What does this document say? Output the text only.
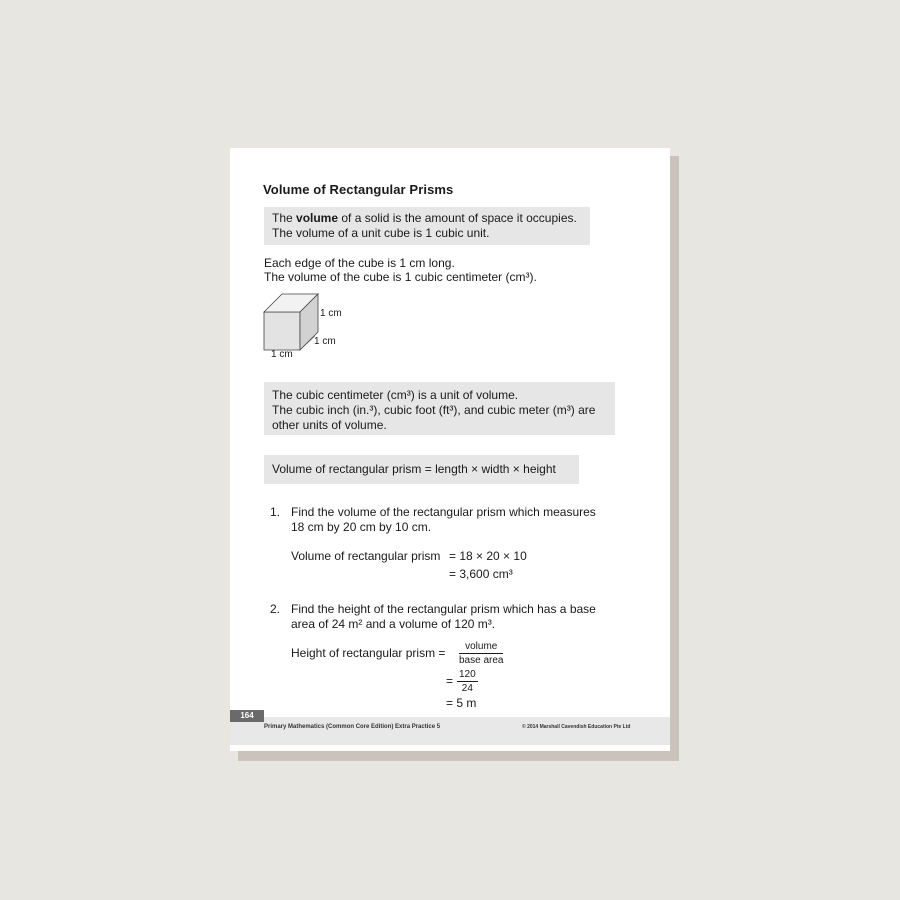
Volume of Rectangular Prisms
The volume of a solid is the amount of space it occupies.
The volume of a unit cube is 1 cubic unit.
Each edge of the cube is 1 cm long.
The volume of the cube is 1 cubic centimeter (cm³).
1 cm
1 cm
1 cm
The cubic centimeter (cm³) is a unit of volume.
The cubic inch (in.³), cubic foot (ft³), and cubic meter (m³) are
other units of volume.
Volume of rectangular prism = length × width × height
1. Find the volume of the rectangular prism which measures
18 cm by 20 cm by 10 cm.
Volume of rectangular prism = 18 × 20 × 10
= 3,600 cm³
2. Find the height of the rectangular prism which has a base
area of 24 m² and a volume of 120 m³.
Height of rectangular prism =	volume
base area
= $\frac{120}{24}$
= 5 m
164
Primary Mathematics (Common Core Edition) Extra Practice 5	© 2014 Marshall Cavendish Education Pte Ltd
